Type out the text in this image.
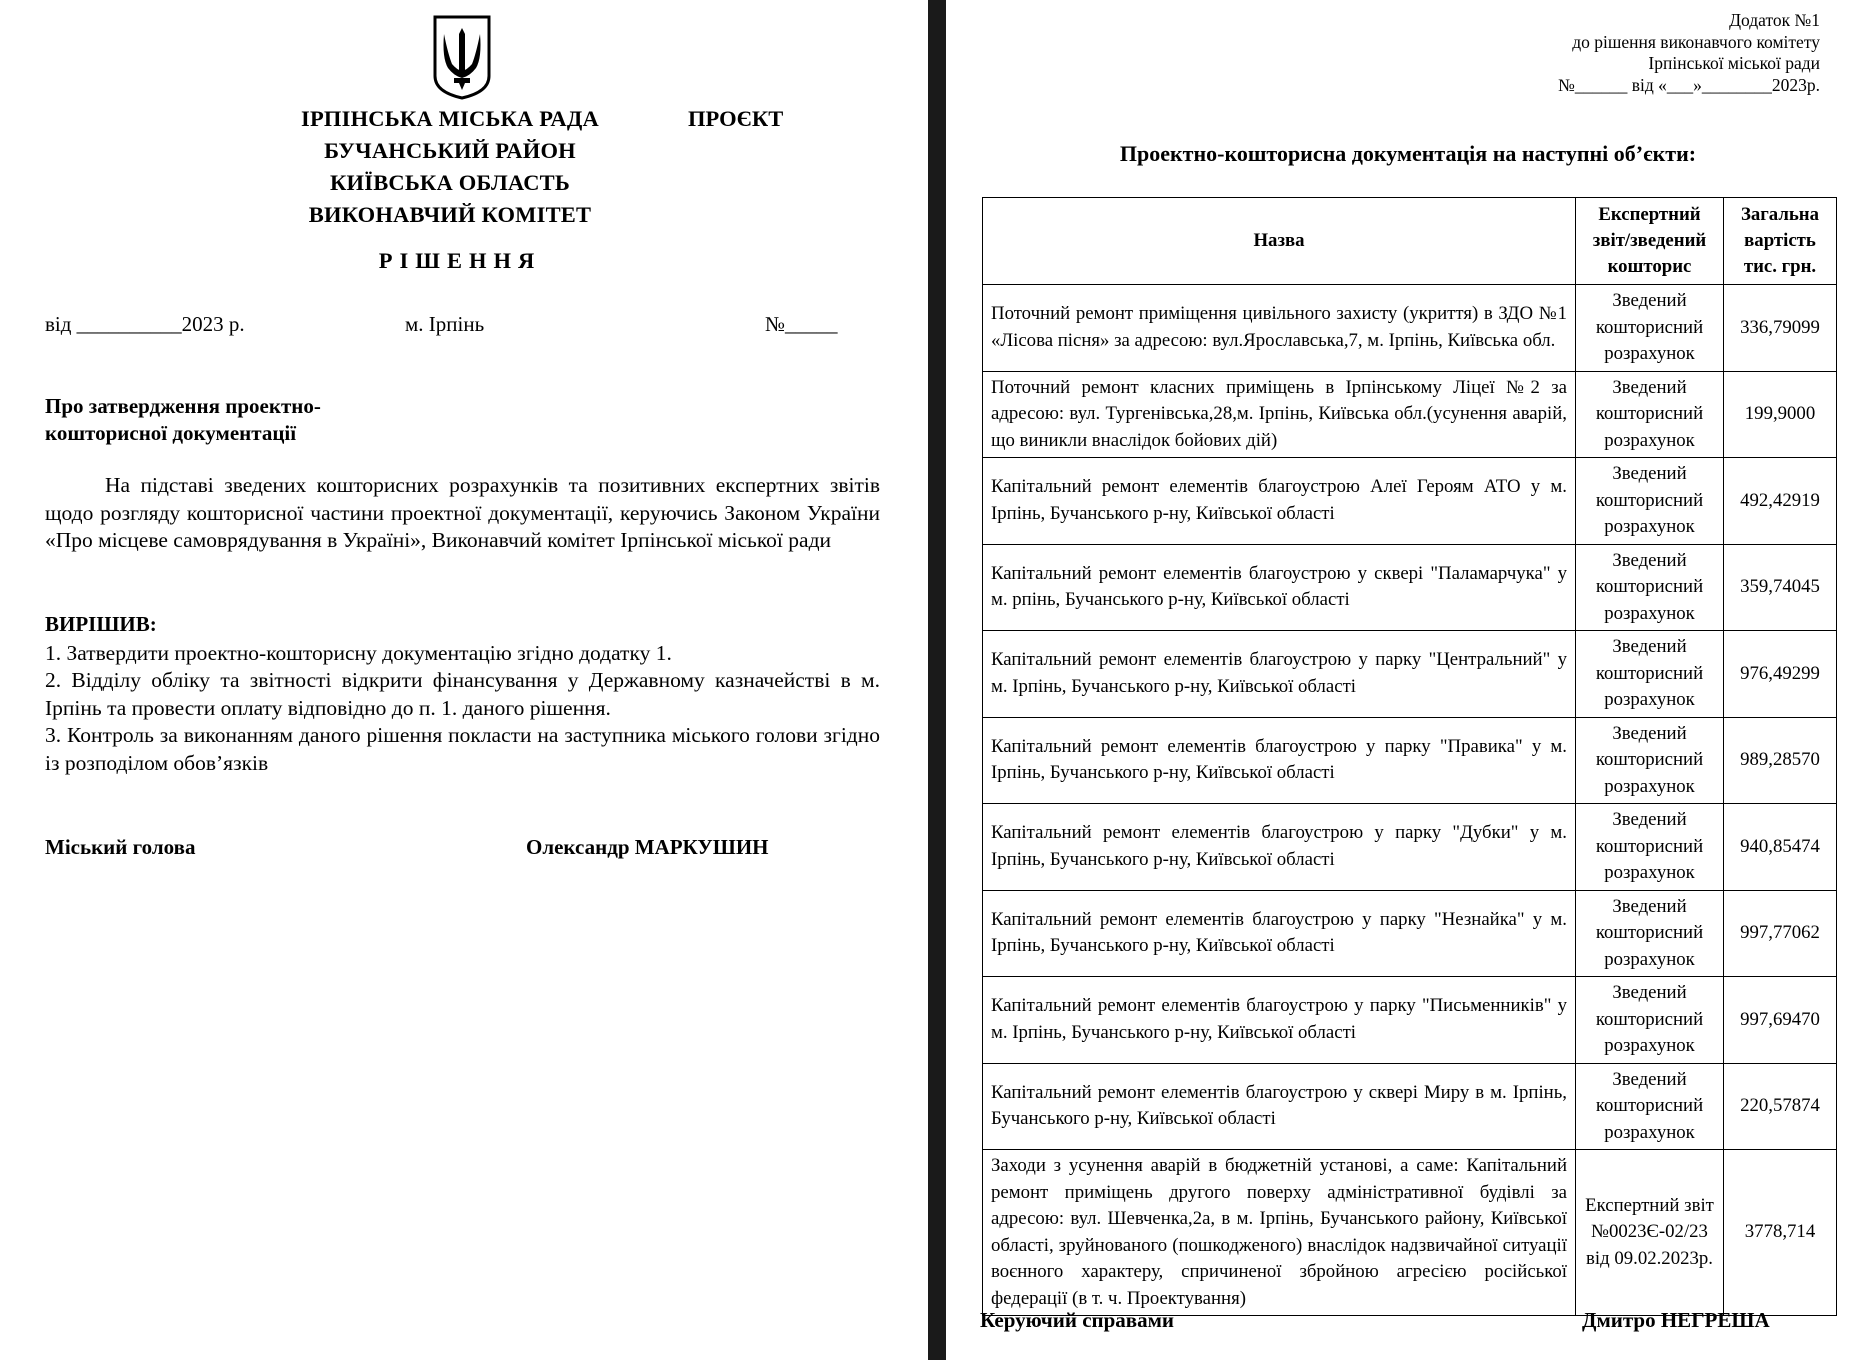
ІРПІНСЬКА МІСЬКА РАДА
БУЧАНСЬКИЙ РАЙОН
КИЇВСЬКА ОБЛАСТЬ
ВИКОНАВЧИЙ КОМІТЕТ
ПРОЄКТ
РІШЕННЯ
від __________2023 р.	м. Ірпінь	№_____
Про затвердження проектно-
кошторисної документації
На підставі зведених кошторисних розрахунків та позитивних експертних звітів щодо розгляду кошторисної частини проектної документації, керуючись Законом України «Про місцеве самоврядування в Україні», Виконавчий комітет Ірпінської міської ради
ВИРІШИВ:
1. Затвердити проектно-кошторисну документацію згідно додатку 1.
2. Відділу обліку та звітності відкрити фінансування у Державному казначействі в м. Ірпінь та провести оплату відповідно до п. 1. даного рішення.
3. Контроль за виконанням даного рішення покласти на заступника міського голови згідно із розподілом обов’язків
Міський голова	Олександр МАРКУШИН
Додаток №1
до рішення виконавчого комітету
Ірпінської міської ради
№______ від «___»________2023р.
Проектно-кошторисна документація на наступні об’єкти:
Назва	Експертний звіт/зведений кошторис	Загальна вартість тис. грн.
Поточний ремонт приміщення цивільного захисту (укриття) в ЗДО №1 «Лісова пісня» за адресою: вул.Ярославська,7, м. Ірпінь, Київська обл.	Зведений кошторисний розрахунок	336,79099
Поточний ремонт класних приміщень в Ірпінському Ліцеї №2 за адресою: вул. Тургенівська,28,м. Ірпінь, Київська обл.(усунення аварій, що виникли внаслідок бойових дій)	Зведений кошторисний розрахунок	199,9000
Капітальний ремонт елементів благоустрою Алеї Героям АТО у м. Ірпінь, Бучанського р-ну, Київської області	Зведений кошторисний розрахунок	492,42919
Капітальний ремонт елементів благоустрою у сквері "Паламарчука" у м. рпінь, Бучанського р-ну, Київської області	Зведений кошторисний розрахунок	359,74045
Капітальний ремонт елементів благоустрою у парку "Центральний" у м. Ірпінь, Бучанського р-ну, Київської області	Зведений кошторисний розрахунок	976,49299
Капітальний ремонт елементів благоустрою у парку "Правика" у м. Ірпінь, Бучанського р-ну, Київської області	Зведений кошторисний розрахунок	989,28570
Капітальний ремонт елементів благоустрою у парку "Дубки" у м. Ірпінь, Бучанського р-ну, Київської області	Зведений кошторисний розрахунок	940,85474
Капітальний ремонт елементів благоустрою у парку "Незнайка" у м. Ірпінь, Бучанського р-ну, Київської області	Зведений кошторисний розрахунок	997,77062
Капітальний ремонт елементів благоустрою у парку "Письменників" у м. Ірпінь, Бучанського р-ну, Київської області	Зведений кошторисний розрахунок	997,69470
Капітальний ремонт елементів благоустрою у сквері Миру в м. Ірпінь, Бучанського р-ну, Київської області	Зведений кошторисний розрахунок	220,57874
Заходи з усунення аварій в бюджетній установі, а саме: Капітальний ремонт приміщень другого поверху адміністративної будівлі за адресою: вул. Шевченка,2а, в м. Ірпінь, Бучанського району, Київської області, зруйнованого (пошкодженого) внаслідок надзвичайної ситуації воєнного характеру, спричиненої збройною агресією російської федерації (в т. ч. Проектування)	Експертний звіт №0023Є-02/23 від 09.02.2023р.	3778,714
Керуючий справами	Дмитро НЕГРЕША
